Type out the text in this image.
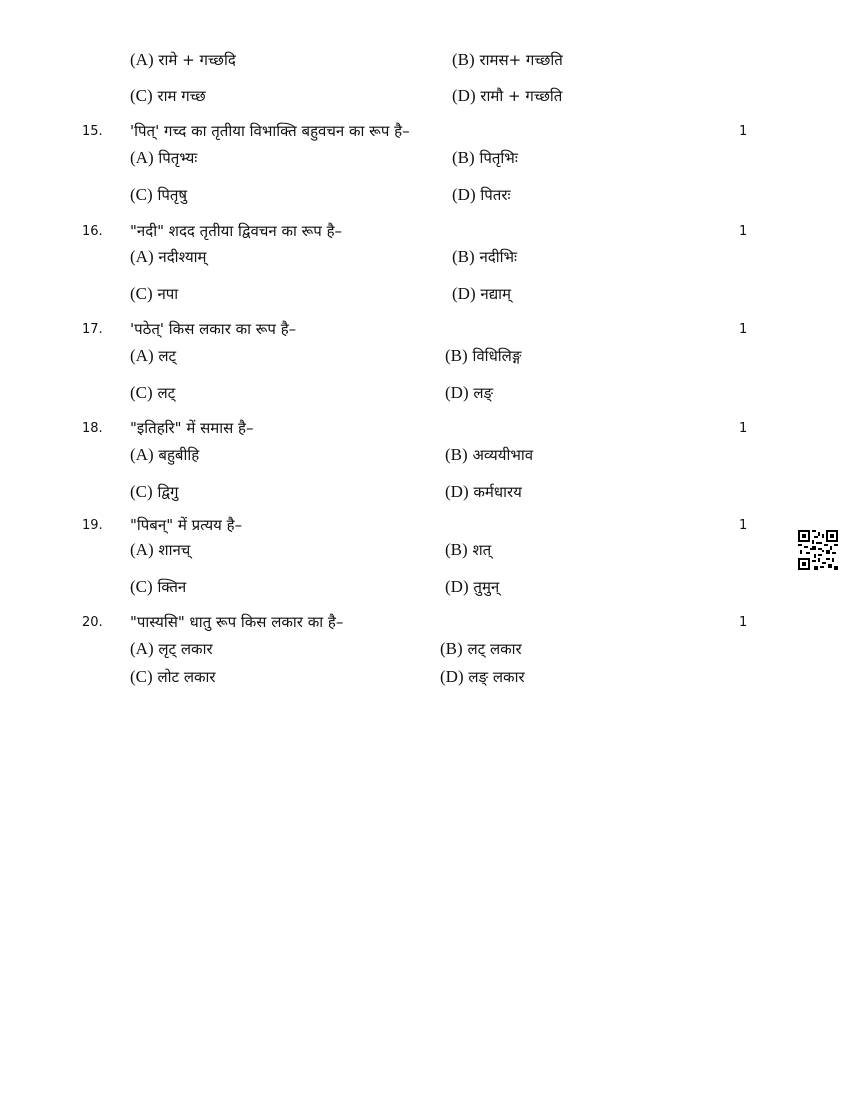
(A) रामे + गच्छदि	(B) रामस+ गच्छति
(C) राम गच्छ	(D) रामौ + गच्छति
15. 'पित्' गच्द का तृतीया विभाक्ति बहुवचन का रूप है–	1
(A) पितृभ्यः	(B) पितृभिः
(C) पितृषु	(D) पितरः
16. "नदी" शदद तृतीया द्विवचन का रूप है–	1
(A) नदीश्याम्	(B) नदीभिः
(C) नपा	(D) नद्याम्
17. 'पठेत्' किस लकार का रूप है–	1
(A) लट्	(B) विधिलिङ्ग
(C) लट्	(D) लङ्
18. "इतिहरि" में समास है–	1
(A) बहुबीहि	(B) अव्ययीभाव
(C) द्विगु	(D) कर्मधारय
19. "पिबन्" में प्रत्यय है–	1
(A) शानच्	(B) शत्
(C) क्तिन	(D) तुमुन्
20. "पास्यसि" धातु रूप किस लकार का है–	1
(A) लृट् लकार	(B) लट् लकार
(C) लोट लकार	(D) लङ् लकार
